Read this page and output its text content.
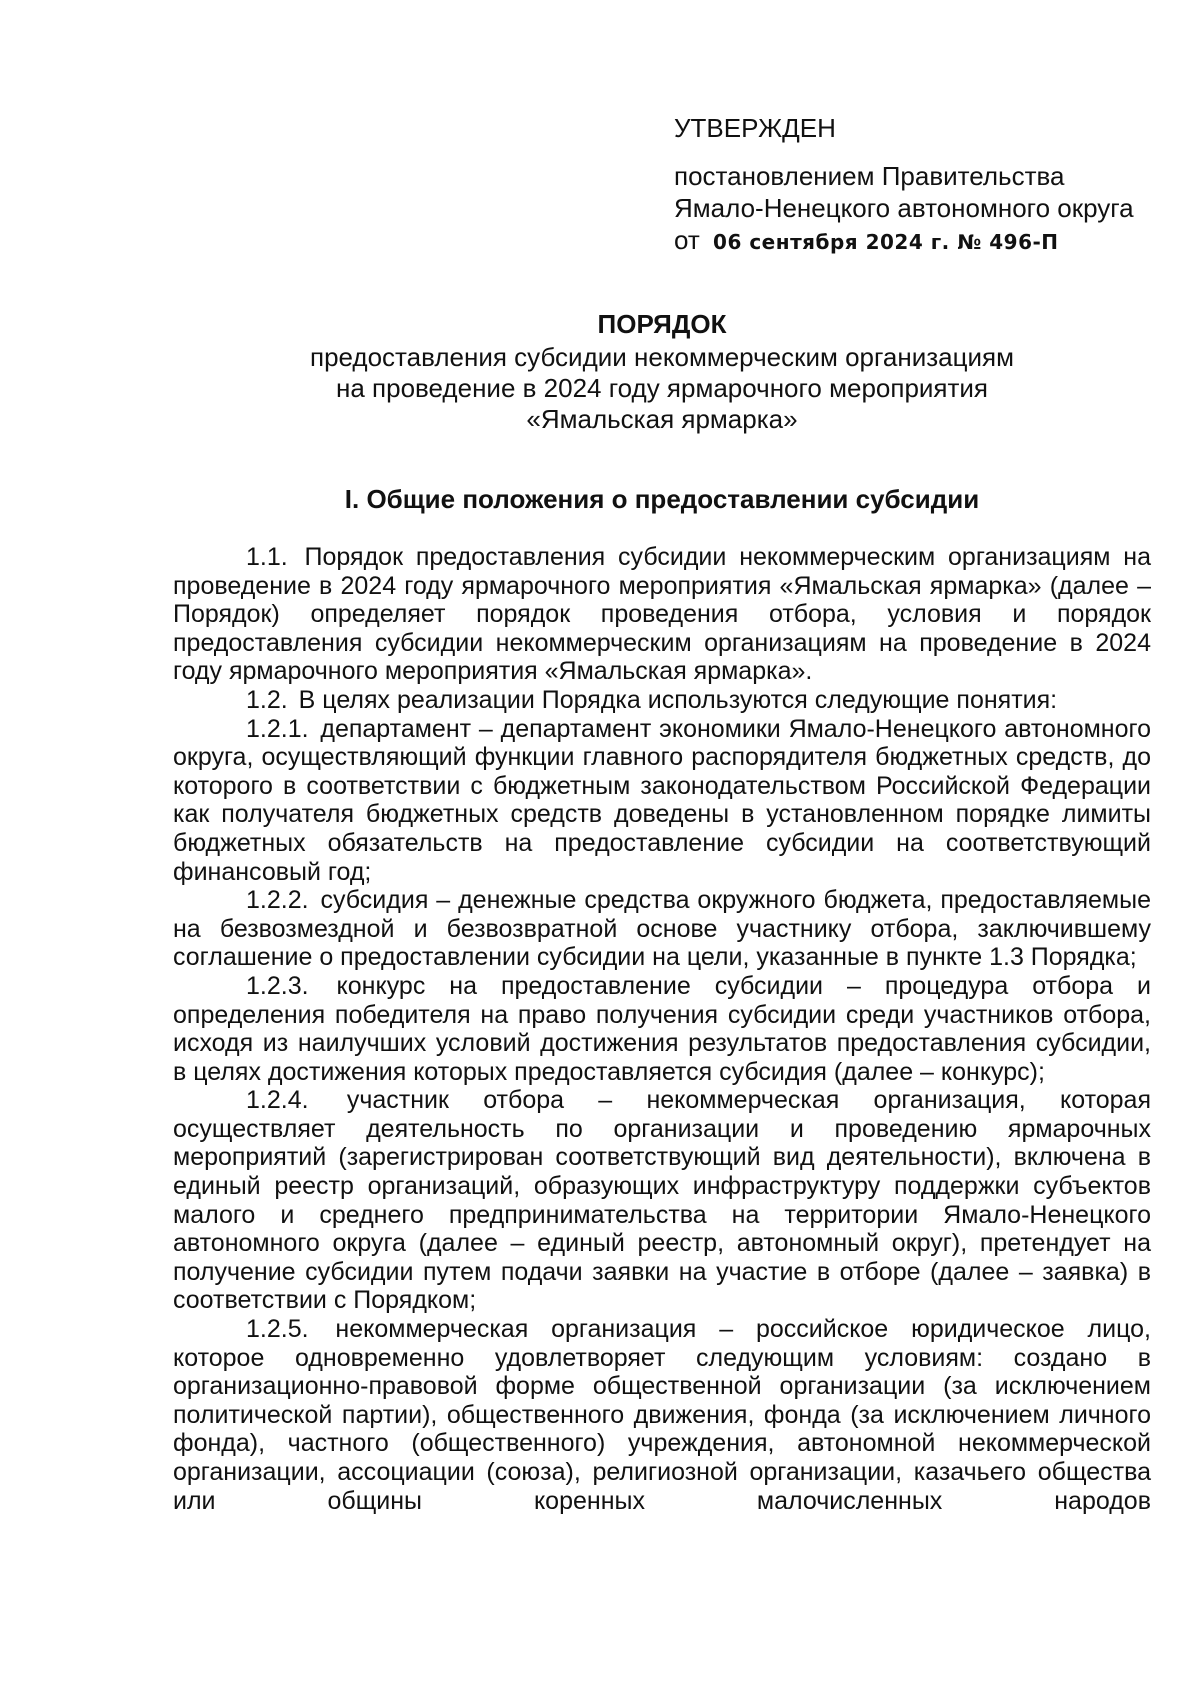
УТВЕРЖДЕН
постановлением Правительства
Ямало-Ненецкого автономного округа
от 06 сентября 2024 г. № 496-П
ПОРЯДОК
предоставления субсидии некоммерческим организациям
на проведение в 2024 году ярмарочного мероприятия
«Ямальская ярмарка»
I. Общие положения о предоставлении субсидии

1.1. Порядок предоставления субсидии некоммерческим организациям на проведение в 2024 году ярмарочного мероприятия «Ямальская ярмарка» (далее – Порядок) определяет порядок проведения отбора, условия и порядок предоставления субсидии некоммерческим организациям на проведение в 2024 году ярмарочного мероприятия «Ямальская ярмарка».

1.2. В целях реализации Порядка используются следующие понятия:

1.2.1. департамент – департамент экономики Ямало-Ненецкого автономного округа, осуществляющий функции главного распорядителя бюджетных средств, до которого в соответствии с бюджетным законодательством Российской Федерации как получателя бюджетных средств доведены в установленном порядке лимиты бюджетных обязательств на предоставление субсидии на соответствующий финансовый год;

1.2.2. субсидия – денежные средства окружного бюджета, предоставляемые на безвозмездной и безвозвратной основе участнику отбора, заключившему соглашение о предоставлении субсидии на цели, указанные в пункте 1.3 Порядка;

1.2.3. конкурс на предоставление субсидии – процедура отбора и определения победителя на право получения субсидии среди участников отбора, исходя из наилучших условий достижения результатов предоставления субсидии, в целях достижения которых предоставляется субсидия (далее – конкурс);

1.2.4. участник отбора – некоммерческая организация, которая осуществляет деятельность по организации и проведению ярмарочных мероприятий (зарегистрирован соответствующий вид деятельности), включена в единый реестр организаций, образующих инфраструктуру поддержки субъектов малого и среднего предпринимательства на территории Ямало-Ненецкого автономного округа (далее – единый реестр, автономный округ), претендует на получение субсидии путем подачи заявки на участие в отборе (далее – заявка) в соответствии с Порядком;

1.2.5. некоммерческая организация – российское юридическое лицо, которое одновременно удовлетворяет следующим условиям: создано в организационно-правовой форме общественной организации (за исключением политической партии), общественного движения, фонда (за исключением личного фонда), частного (общественного) учреждения, автономной некоммерческой организации, ассоциации (союза), религиозной организации, казачьего общества или общины коренных малочисленных народов
